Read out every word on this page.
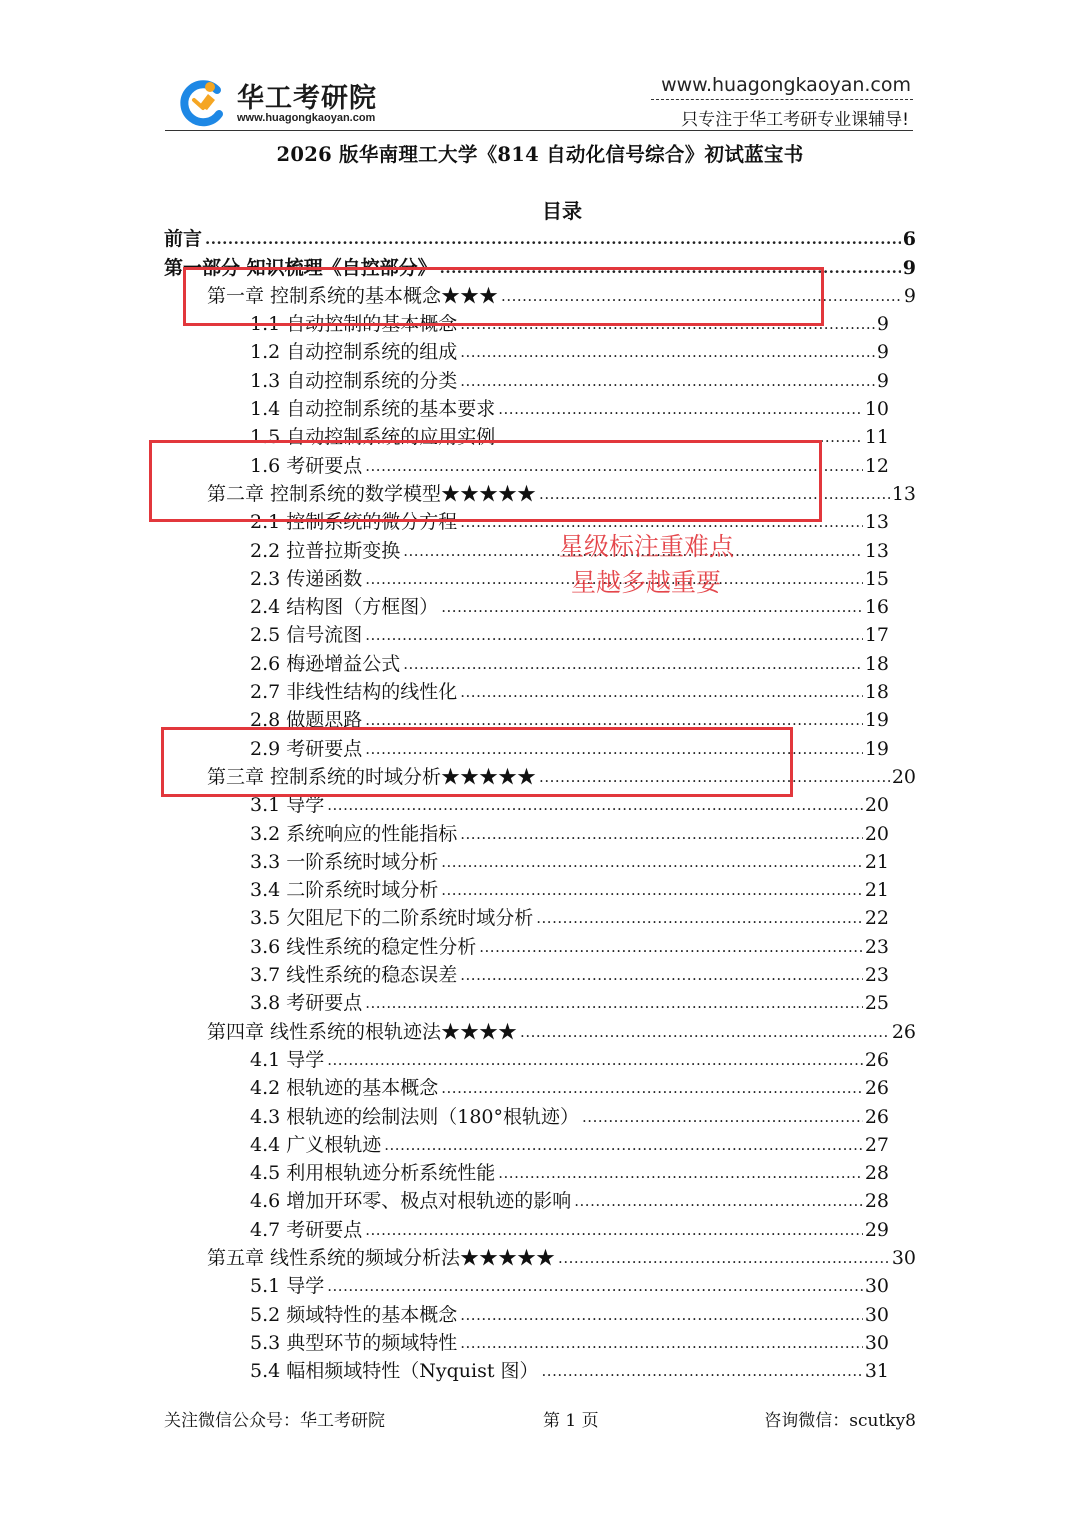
华工考研院
www.huagongkaoyan.com
www.huagongkaoyan.com
只专注于华工考研专业课辅导!
2026 版华南理工大学《814 自动化信号综合》初试蓝宝书
目录
前言 .....	6
第一部分 知识梳理《自控部分》 .....	9
第一章 控制系统的基本概念★★★ .....	9
1.1 自动控制的基本概念 .....	9
1.2 自动控制系统的组成 .....	9
1.3 自动控制系统的分类 .....	9
1.4 自动控制系统的基本要求 .....	10
1.5 自动控制系统的应用实例 .....	11
1.6 考研要点 .....	12
第二章 控制系统的数学模型★★★★★ .....	13
2.1 控制系统的微分方程 .....	13
2.2 拉普拉斯变换 .....	13
2.3 传递函数 .....	15
2.4 结构图（方框图） .....	16
2.5 信号流图 .....	17
2.6 梅逊增益公式 .....	18
2.7 非线性结构的线性化 .....	18
2.8 做题思路 .....	19
2.9 考研要点 .....	19
第三章 控制系统的时域分析★★★★★ .....	20
3.1 导学 .....	20
3.2 系统响应的性能指标 .....	20
3.3 一阶系统时域分析 .....	21
3.4 二阶系统时域分析 .....	21
3.5 欠阻尼下的二阶系统时域分析 .....	22
3.6 线性系统的稳定性分析 .....	23
3.7 线性系统的稳态误差 .....	23
3.8 考研要点 .....	25
第四章 线性系统的根轨迹法★★★★ .....	26
4.1 导学 .....	26
4.2 根轨迹的基本概念 .....	26
4.3 根轨迹的绘制法则（180°根轨迹） .....	26
4.4 广义根轨迹 .....	27
4.5 利用根轨迹分析系统性能 .....	28
4.6 增加开环零、极点对根轨迹的影响 .....	28
4.7 考研要点 .....	29
第五章 线性系统的频域分析法★★★★★ .....	30
5.1 导学 .....	30
5.2 频域特性的基本概念 .....	30
5.3 典型环节的频域特性 .....	30
5.4 幅相频域特性（Nyquist 图） .....	31
星级标注重难点
星越多越重要
关注微信公众号：华工考研院	第 1 页	咨询微信：scutky8
